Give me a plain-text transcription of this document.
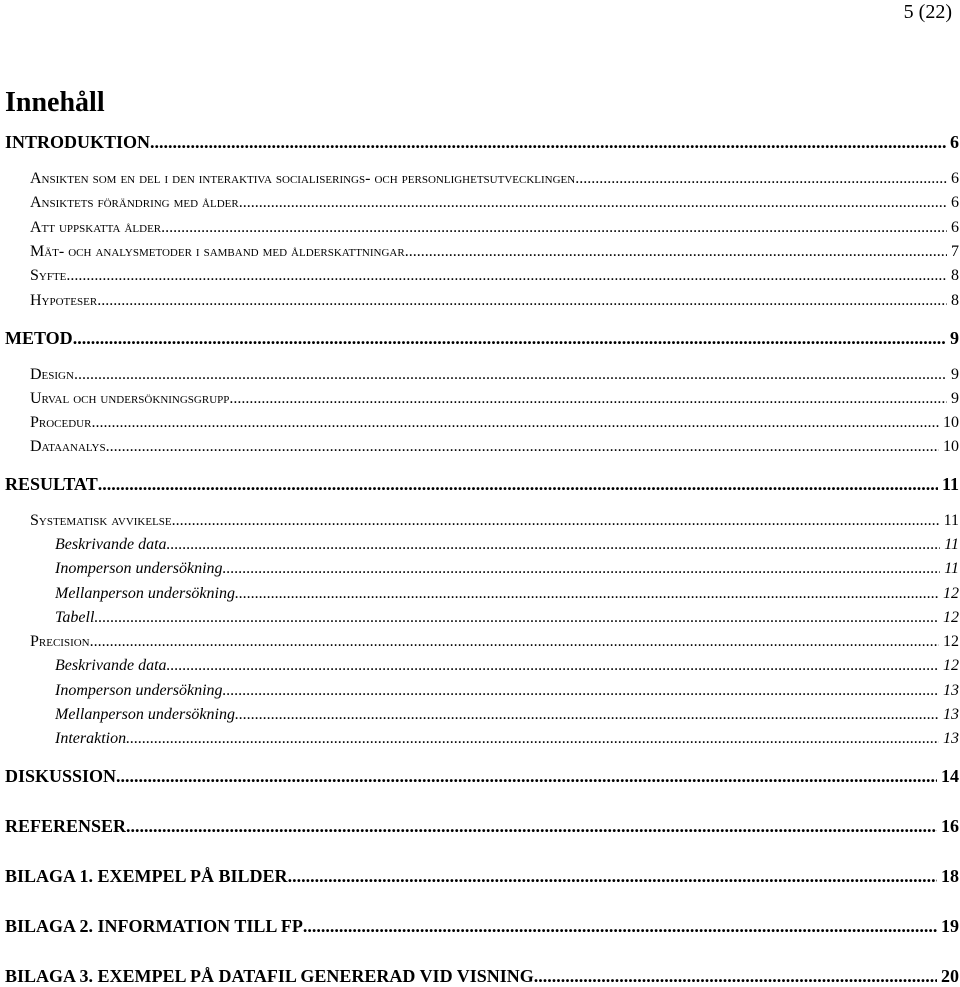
5 (22)
Innehåll
INTRODUKTION .....	6
Ansikten som en del i den interaktiva socialiserings- och personlighetsutvecklingen .....	6
Ansiktets förändring med ålder .....	6
Att uppskatta ålder .....	6
Mät- och analysmetoder i samband med ålderskattningar .....	7
Syfte .....	8
Hypoteser .....	8
METOD .....	9
Design .....	9
Urval och undersökningsgrupp .....	9
Procedur .....	10
Dataanalys .....	10
RESULTAT .....	11
Systematisk avvikelse .....	11
Beskrivande data .....	11
Inomperson undersökning .....	11
Mellanperson undersökning .....	12
Tabell .....	12
Precision .....	12
Beskrivande data .....	12
Inomperson undersökning .....	13
Mellanperson undersökning .....	13
Interaktion .....	13
DISKUSSION .....	14
REFERENSER .....	16
BILAGA 1. EXEMPEL PÅ BILDER .....	18
BILAGA 2. INFORMATION TILL FP .....	19
BILAGA 3. EXEMPEL PÅ DATAFIL GENERERAD VID VISNING. .....	20
